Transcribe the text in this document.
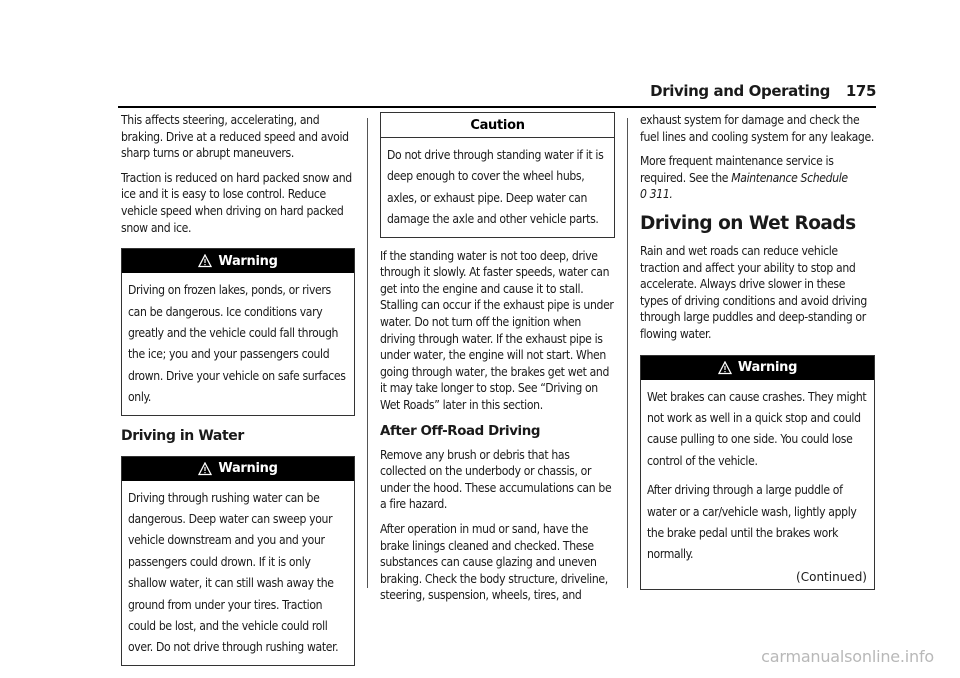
Driving and Operating 175

This affects steering, accelerating, and braking. Drive at a reduced speed and avoid sharp turns or abrupt maneuvers.

Traction is reduced on hard packed snow and ice and it is easy to lose control. Reduce vehicle speed when driving on hard packed snow and ice.

Warning

Driving on frozen lakes, ponds, or rivers can be dangerous. Ice conditions vary greatly and the vehicle could fall through the ice; you and your passengers could drown. Drive your vehicle on safe surfaces only.

Driving in Water
Warning

Driving through rushing water can be dangerous. Deep water can sweep your vehicle downstream and you and your passengers could drown. If it is only shallow water, it can still wash away the ground from under your tires. Traction could be lost, and the vehicle could roll over. Do not drive through rushing water.

Caution

Do not drive through standing water if it is deep enough to cover the wheel hubs, axles, or exhaust pipe. Deep water can damage the axle and other vehicle parts.

If the standing water is not too deep, drive through it slowly. At faster speeds, water can get into the engine and cause it to stall. Stalling can occur if the exhaust pipe is under water. Do not turn off the ignition when driving through water. If the exhaust pipe is under water, the engine will not start. When going through water, the brakes get wet and it may take longer to stop. See “Driving on Wet Roads” later in this section.

After Off-Road Driving

Remove any brush or debris that has collected on the underbody or chassis, or under the hood. These accumulations can be a fire hazard.

After operation in mud or sand, have the brake linings cleaned and checked. These substances can cause glazing and uneven braking. Check the body structure, driveline, steering, suspension, wheels, tires, and

exhaust system for damage and check the fuel lines and cooling system for any leakage.

More frequent maintenance service is required. See the Maintenance Schedule
0 311.

Driving on Wet Roads

Rain and wet roads can reduce vehicle traction and affect your ability to stop and accelerate. Always drive slower in these types of driving conditions and avoid driving through large puddles and deep-standing or flowing water.

Warning

Wet brakes can cause crashes. They might not work as well in a quick stop and could cause pulling to one side. You could lose control of the vehicle.

After driving through a large puddle of water or a car/vehicle wash, lightly apply the brake pedal until the brakes work normally.

(Continued)
carmanualsonline.info
